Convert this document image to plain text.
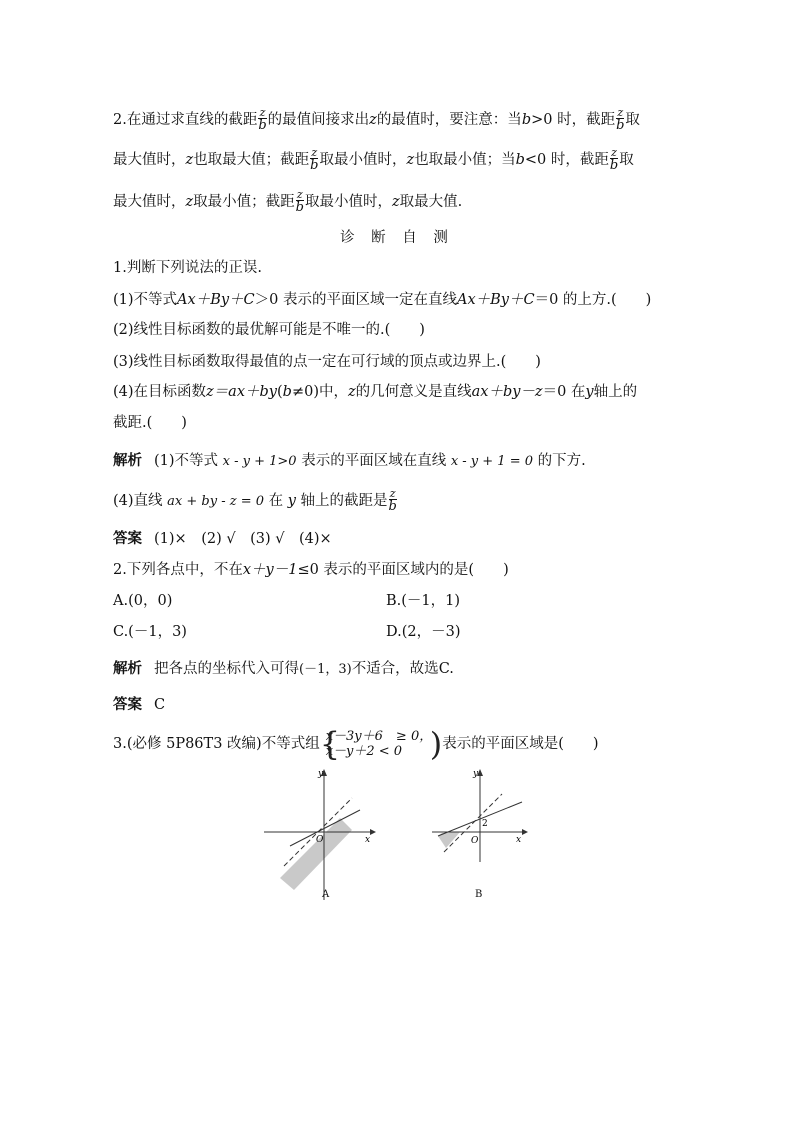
2.在通过求直线的截距 $\frac{z}{b}$ 的最值间接求出z的最值时，要注意：当b>0 时，截距 $\frac{z}{b}$ 取
最大值时，z也取最大值；截距 $\frac{z}{b}$ 取最小值时，z也取最小值；当b<0 时，截距 $\frac{z}{b}$ 取
最大值时，z取最小值；截距 $\frac{z}{b}$ 取最小值时，z取最大值.
诊 断 自 测
1.判断下列说法的正误.
(1)不等式Ax＋By＋C＞0 表示的平面区域一定在直线Ax＋By＋C＝0 的上方.(　　)
(2)线性目标函数的最优解可能是不唯一的.(　　)
(3)线性目标函数取得最值的点一定在可行域的顶点或边界上.(　　)
(4)在目标函数z＝ax＋by(b≠0)中，z的几何意义是直线ax＋by－z＝0 在y轴上的
截距.(　　)
解析 (1)不等式 x - y + 1>0 表示的平面区域在直线 x - y + 1 = 0 的下方.
(4)直线 ax + by - z = 0 在 y 轴上的截距是 $\frac{z}{b}$
答案 (1)×　(2) √　(3) √　(4)×
2.下列各点中，不在x＋y－1≤0 表示的平面区域内的是(　　)
A.(0，0)	B.(－1，1)
C.(－1，3)	D.(2，－3)
解析 把各点的坐标代入可得(－1，3)不适合，故选C.
答案 C
3.(必修 5P86T3 改编)不等式组 {
x－3y＋6　≥ 0，
x－y＋2 < 0 ) 表示的平面区域是(　　)
x
y
O
A
x
y
O
2
B
